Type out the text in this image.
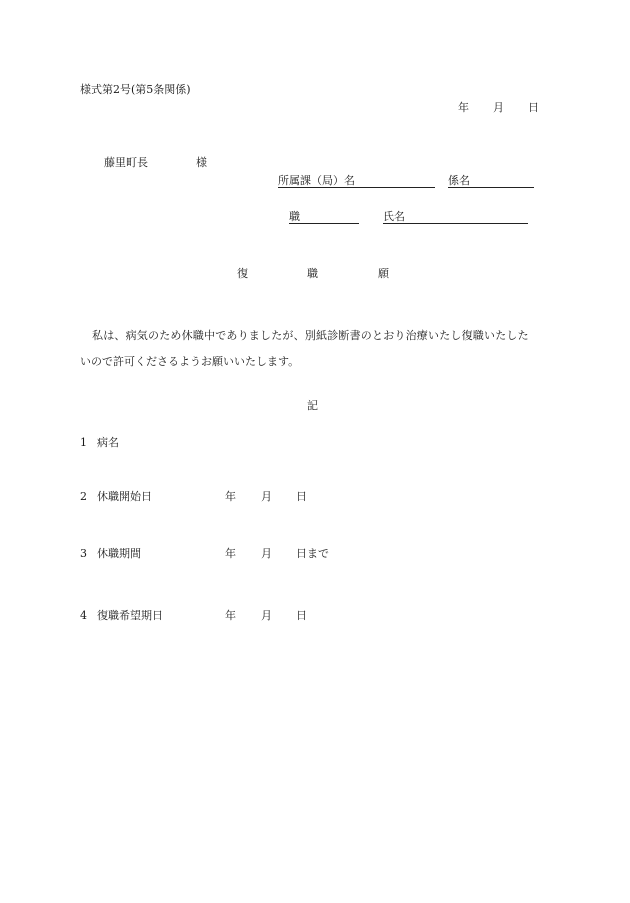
様式第2号(第5条関係)
年 月 日
藤里町長	様
所属課（局）名	係名
職	氏名
復	職	願
私は、病気のため休職中でありましたが、別紙診断書のとおり治療いたし復職いたした
いので許可くださるようお願いいたします。
記
1 病名
2 休職開始日	年 月 日
3 休職期間	年 月 日まで
4 復職希望期日	年 月 日
